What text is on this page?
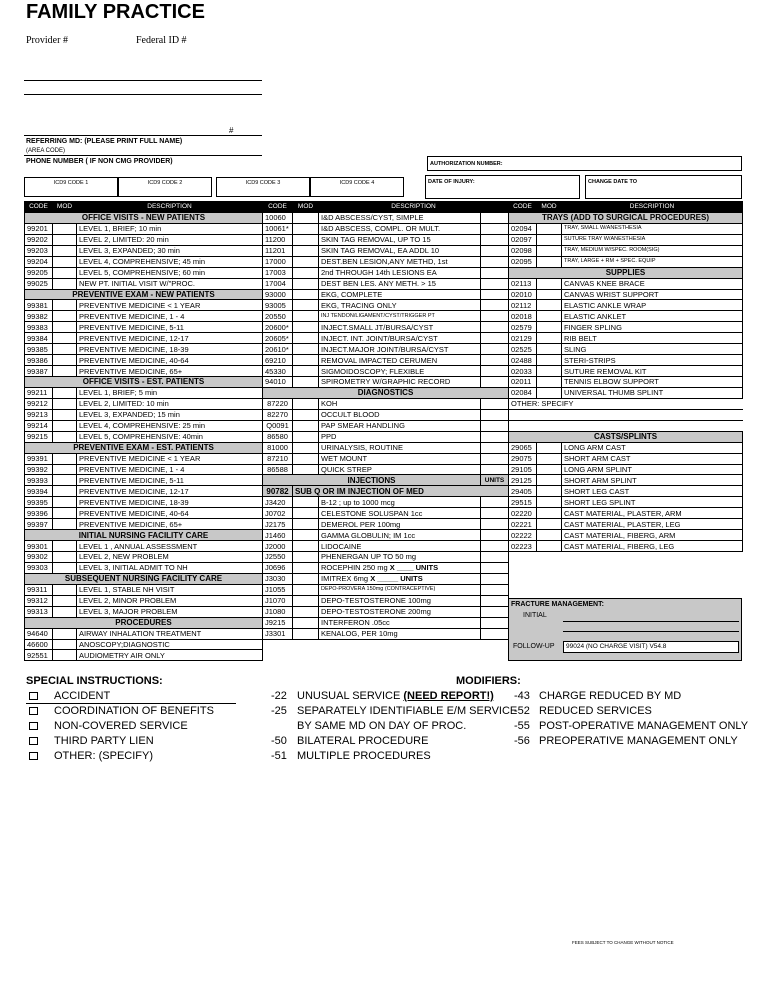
FAMILY PRACTICE
Provider #	Federal ID #
#
REFERRING MD: (PLEASE PRINT FULL NAME)
(AREA CODE)
PHONE NUMBER ( IF NON CMG PROVIDER)	AUTHORIZATION NUMBER:
ICD9 CODE 1	ICD9 CODE 2	ICD9 CODE 3	ICD9 CODE 4	DATE OF INJURY:	CHANGE DATE TO
CODE	MOD	DESCRIPTION
OFFICE VISITS - NEW PATIENTS		
99201		LEVEL 1, BRIEF; 10 min
99202		LEVEL 2, LIMITED: 20 min
99203		LEVEL 3, EXPANDED; 30 min
99204		LEVEL 4, COMPREHENSIVE; 45 min
99205		LEVEL 5, COMPREHENSIVE; 60 min
99025		NEW PT. INITIAL VISIT W/"PROC.
PREVENTIVE EXAM - NEW PATIENTS		
99381		PREVENTIVE MEDICINE < 1 YEAR
99382		PREVENTIVE MEDICINE, 1 - 4
99383		PREVENTIVE MEDICINE, 5-11
99384		PREVENTIVE MEDICINE, 12-17
99385		PREVENTIVE MEDICINE, 18-39
99386		PREVENTIVE MEDICINE, 40-64
99387		PREVENTIVE MEDICINE, 65+
OFFICE VISITS - EST. PATIENTS		
99211		LEVEL 1, BRIEF; 5 min
99212		LEVEL 2, LIMITED: 10 min
99213		LEVEL 3, EXPANDED; 15 min
99214		LEVEL 4, COMPREHENSIVE: 25 min
99215		LEVEL 5, COMPREHENSIVE: 40min
PREVENTIVE EXAM - EST. PATIENTS		
99391		PREVENTIVE MEDICINE < 1 YEAR
99392		PREVENTIVE MEDICINE, 1 - 4
99393		PREVENTIVE MEDICINE, 5-11
99394		PREVENTIVE MEDICINE, 12-17
99395		PREVENTIVE MEDICINE, 18-39
99396		PREVENTIVE MEDICINE, 40-64
99397		PREVENTIVE MEDICINE, 65+
INITIAL NURSING FACILITY CARE		
99301		LEVEL 1 , ANNUAL ASSESSMENT
99302		LEVEL 2, NEW PROBLEM
99303		LEVEL 3, INITIAL ADMIT TO NH
SUBSEQUENT NURSING FACILITY CARE		
99311		LEVEL 1, STABLE NH VISIT
99312		LEVEL 2, MINOR PROBLEM
99313		LEVEL 3, MAJOR PROBLEM
PROCEDURES		
94640		AIRWAY INHALATION TREATMENT
46600		ANOSCOPY;DIAGNOSTIC
92551		AUDIOMETRY AIR ONLY
CODE	MOD	DESCRIPTION	
10060		I&D ABSCESS/CYST, SIMPLE	
10061*		I&D ABSCESS, COMPL. OR MULT.	
11200		SKIN TAG REMOVAL, UP TO 15	
11201		SKIN TAG REMOVAL, EA ADDL 10	
17000		DEST.BEN LESION,ANY METHD, 1st	
17003		2nd THROUGH 14th LESIONS EA	
17004		DEST BEN LES. ANY METH. > 15	
93000		EKG, COMPLETE	
93005		EKG, TRACING ONLY	
20550		INJ TENDON/LIGAMENT/CYST/TRIGGER PT	
20600*		INJECT.SMALL JT/BURSA/CYST	
20605*		INJECT. INT. JOINT/BURSA/CYST	
20610*		INJECT.MAJOR JOINT/BURSA/CYST	
69210		REMOVAL IMPACTED CERUMEN	
45330		SIGMOIDOSCOPY; FLEXIBLE	
94010		SPIROMETRY W/GRAPHIC RECORD	
DIAGNOSTICS			
87220		KOH	
82270		OCCULT BLOOD	
Q0091		PAP SMEAR HANDLING	
86580		PPD	
81000		URINALYSIS, ROUTINE	
87210		WET MOUNT	
86588		QUICK STREP	
INJECTIONS			UNITS
90782	SUB Q OR IM INJECTION OF MED		
J3420		B-12 ; up to 1000 mcg	
J0702		CELESTONE SOLUSPAN 1cc	
J2175		DEMEROL PER 100mg	
J1460		GAMMA GLOBULIN; IM 1cc	
J2000		LIDOCAINE	
J2550		PHENERGAN UP TO 50 mg	
J0696		ROCEPHIN 250 mg X ____ UNITS	
J3030		IMITREX 6mg X _____ UNITS	
J1055		DEPO-PROVERA 150mg (CONTRACEPTIVE)	
J1070		DEPO-TESTOSTERONE 100mg	
J1080		DEPO-TESTOSTERONE 200mg	
J9215		INTERFERON .05cc	
J3301		KENALOG, PER 10mg	
CODE	MOD	DESCRIPTION
TRAYS (ADD TO SURGICAL PROCEDURES)		
02094		TRAY, SMALL W/ANESTHESIA
02097		SUTURE TRAY W/ANESTHESIA
02098		TRAY, MEDIUM W/SPEC. ROOM(SIG)
02095		TRAY, LARGE + RM + SPEC. EQUIP
SUPPLIES		
02113		CANVAS KNEE BRACE
02010		CANVAS WRIST SUPPORT
02112		ELASTIC ANKLE WRAP
02018		ELASTIC ANKLET
02579		FINGER SPLING
02129		RIB BELT
02525		SLING
02488		STERI-STRIPS
02033		SUTURE REMOVAL KIT
02011		TENNIS ELBOW SUPPORT
02084		UNIVERSAL THUMB SPLINT
OTHER: SPECIFY		

CASTS/SPLINTS		
29065		LONG ARM CAST
29075		SHORT ARM CAST
29105		LONG ARM SPLINT
29125		SHORT ARM SPLINT
29405		SHORT LEG CAST
29515		SHORT LEG SPLINT
02220		CAST MATERIAL, PLASTER, ARM
02221		CAST MATERIAL, PLASTER, LEG
02222		CAST MATERIAL, FIBERG, ARM
02223		CAST MATERIAL, FIBERG, LEG
FRACTURE MANAGEMENT:
INITIAL
FOLLOW-UP	99024 (NO CHARGE VISIT) V54.8
SPECIAL INSTRUCTIONS:
ACCIDENT
COORDINATION OF BENEFITS
NON-COVERED SERVICE
THIRD PARTY LIEN
OTHER: (SPECIFY)
MODIFIERS:
-22 UNUSUAL SERVICE (NEED REPORT!)
-25 SEPARATELY IDENTIFIABLE E/M SERVICE
BY SAME MD ON DAY OF PROC.
-50 BILATERAL PROCEDURE
-51 MULTIPLE PROCEDURES
-43 CHARGE REDUCED BY MD
-52 REDUCED SERVICES
-55 POST-OPERATIVE MANAGEMENT ONLY
-56 PREOPERATIVE MANAGEMENT ONLY
FEES SUBJECT TO CHANGE WITHOUT NOTICE
